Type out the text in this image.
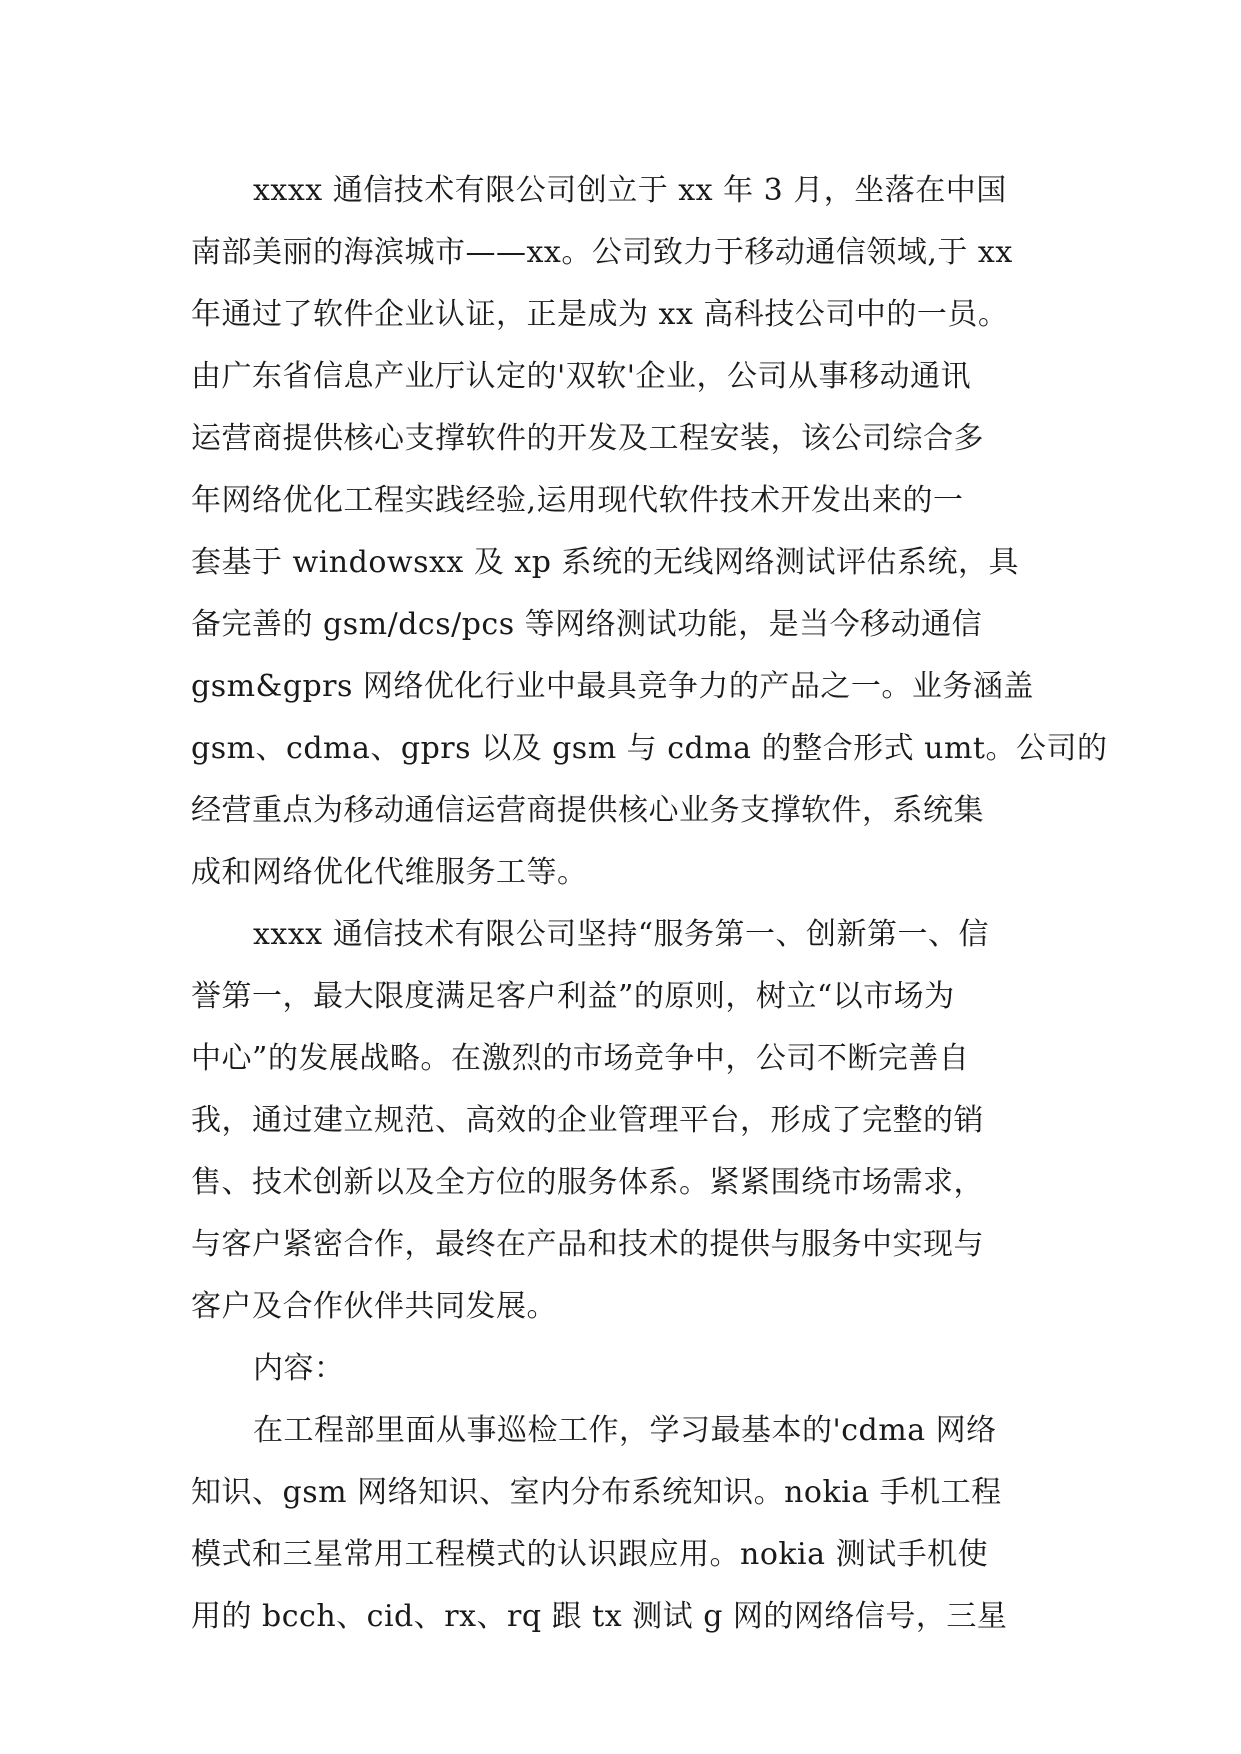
xxxx 通信技术有限公司创立于 xx 年 3 月，坐落在中国
南部美丽的海滨城市——xx。公司致力于移动通信领域,于 xx
年通过了软件企业认证，正是成为 xx 高科技公司中的一员。
由广东省信息产业厅认定的'双软'企业，公司从事移动通讯
运营商提供核心支撑软件的开发及工程安装，该公司综合多
年网络优化工程实践经验,运用现代软件技术开发出来的一
套基于 windowsxx 及 xp 系统的无线网络测试评估系统，具
备完善的 gsm/dcs/pcs 等网络测试功能，是当今移动通信
gsm&gprs 网络优化行业中最具竞争力的产品之一。业务涵盖
gsm、cdma、gprs 以及 gsm 与 cdma 的整合形式 umt。公司的
经营重点为移动通信运营商提供核心业务支撑软件，系统集
成和网络优化代维服务工等。
xxxx 通信技术有限公司坚持“服务第一、创新第一、信
誉第一，最大限度满足客户利益”的原则，树立“以市场为
中心”的发展战略。在激烈的市场竞争中，公司不断完善自
我，通过建立规范、高效的企业管理平台，形成了完整的销
售、技术创新以及全方位的服务体系。紧紧围绕市场需求，
与客户紧密合作，最终在产品和技术的提供与服务中实现与
客户及合作伙伴共同发展。
内容：
在工程部里面从事巡检工作，学习最基本的'cdma 网络
知识、gsm 网络知识、室内分布系统知识。nokia 手机工程
模式和三星常用工程模式的认识跟应用。nokia 测试手机使
用的 bcch、cid、rx、rq 跟 tx 测试 g 网的网络信号，三星
